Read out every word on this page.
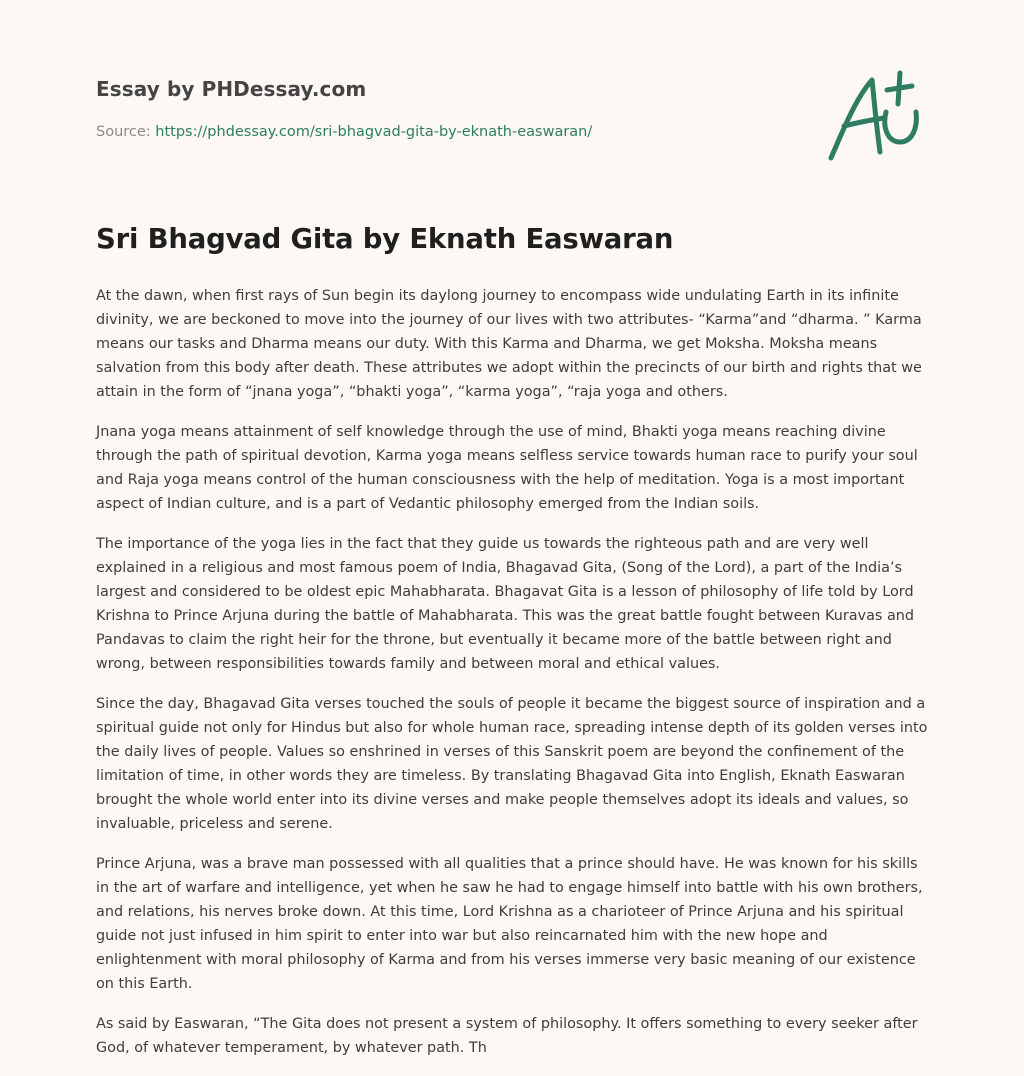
Essay by PHDessay.com
Source: https://phdessay.com/sri-bhagvad-gita-by-eknath-easwaran/
Sri Bhagvad Gita by Eknath Easwaran

At the dawn, when first rays of Sun begin its daylong journey to encompass wide undulating Earth in its infinite divinity, we are beckoned to move into the journey of our lives with two attributes- “Karma”and “dharma. ” Karma means our tasks and Dharma means our duty. With this Karma and Dharma, we get Moksha. Moksha means salvation from this body after death. These attributes we adopt within the precincts of our birth and rights that we attain in the form of “jnana yoga”, “bhakti yoga”, “karma yoga”, “raja yoga and others.

Jnana yoga means attainment of self knowledge through the use of mind, Bhakti yoga means reaching divine through the path of spiritual devotion, Karma yoga means selfless service towards human race to purify your soul and Raja yoga means control of the human consciousness with the help of meditation. Yoga is a most important aspect of Indian culture, and is a part of Vedantic philosophy emerged from the Indian soils.

The importance of the yoga lies in the fact that they guide us towards the righteous path and are very well explained in a religious and most famous poem of India, Bhagavad Gita, (Song of the Lord), a part of the India’s largest and considered to be oldest epic Mahabharata. Bhagavat Gita is a lesson of philosophy of life told by Lord Krishna to Prince Arjuna during the battle of Mahabharata. This was the great battle fought between Kuravas and Pandavas to claim the right heir for the throne, but eventually it became more of the battle between right and wrong, between responsibilities towards family and between moral and ethical values.

Since the day, Bhagavad Gita verses touched the souls of people it became the biggest source of inspiration and a spiritual guide not only for Hindus but also for whole human race, spreading intense depth of its golden verses into the daily lives of people. Values so enshrined in verses of this Sanskrit poem are beyond the confinement of the limitation of time, in other words they are timeless. By translating Bhagavad Gita into English, Eknath Easwaran brought the whole world enter into its divine verses and make people themselves adopt its ideals and values, so invaluable, priceless and serene.

Prince Arjuna, was a brave man possessed with all qualities that a prince should have. He was known for his skills in the art of warfare and intelligence, yet when he saw he had to engage himself into battle with his own brothers, and relations, his nerves broke down. At this time, Lord Krishna as a charioteer of Prince Arjuna and his spiritual guide not just infused in him spirit to enter into war but also reincarnated him with the new hope and enlightenment with moral philosophy of Karma and from his verses immerse very basic meaning of our existence on this Earth.

As said by Easwaran, “The Gita does not present a system of philosophy. It offers something to every seeker after God, of whatever temperament, by whatever path. Th
